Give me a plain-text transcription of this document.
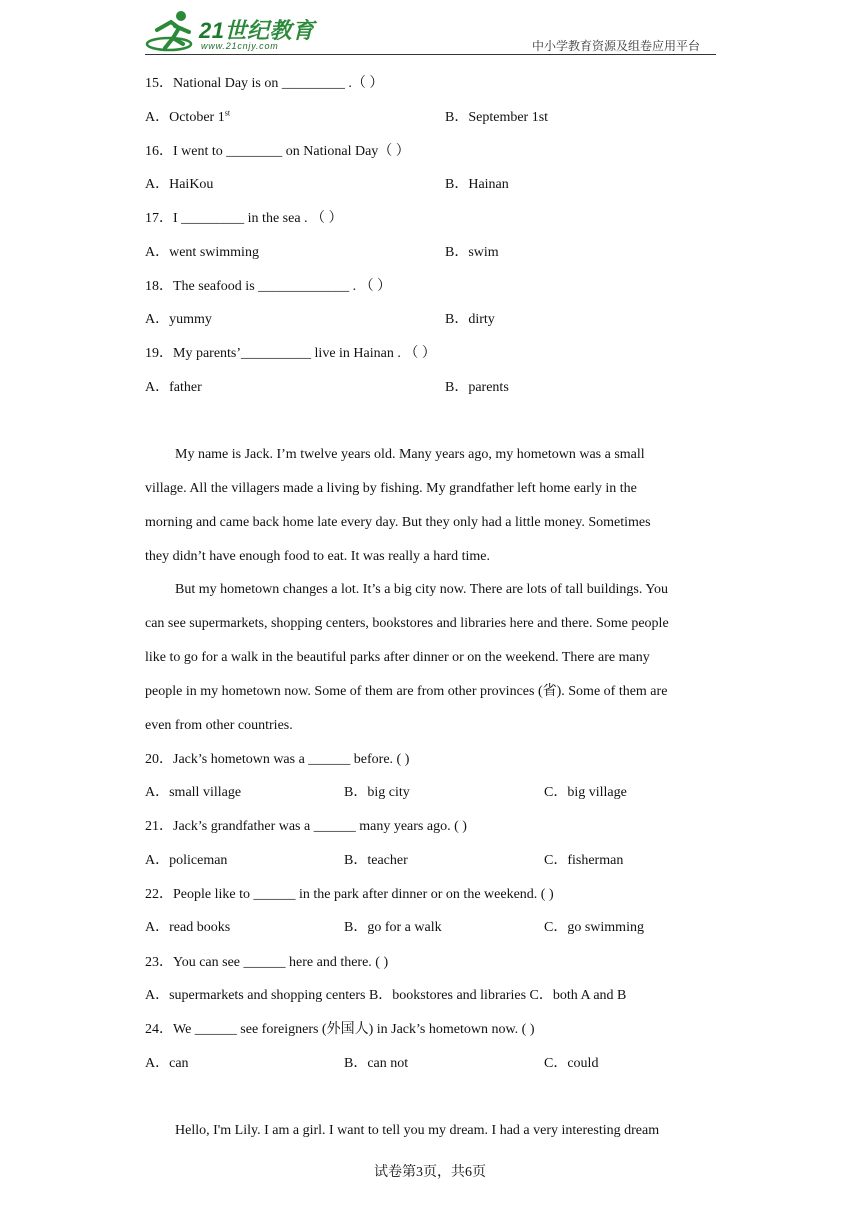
21世纪教育
www.21cnjy.com	中小学教育资源及组卷应用平台
15．National Day is on _________ .（ ）
A．October 1st	B．September 1st
16．I went to ________ on National Day（ ）
A．HaiKou	B．Hainan
17．I _________ in the sea . （ ）
A．went swimming	B．swim
18．The seafood is _____________ . （ ）
A．yummy	B．dirty
19．My parents’__________ live in Hainan . （ ）
A．father	B．parents
My name is Jack. I’m twelve years old. Many years ago, my hometown was a small
village. All the villagers made a living by fishing. My grandfather left home early in the
morning and came back home late every day. But they only had a little money. Sometimes
they didn’t have enough food to eat. It was really a hard time.
But my hometown changes a lot. It’s a big city now. There are lots of tall buildings. You
can see supermarkets, shopping centers, bookstores and libraries here and there. Some people
like to go for a walk in the beautiful parks after dinner or on the weekend. There are many
people in my hometown now. Some of them are from other provinces (省). Some of them are
even from other countries.
20．Jack’s hometown was a ______ before. ( )
A．small village	B．big city	C．big village
21．Jack’s grandfather was a ______ many years ago. ( )
A．policeman	B．teacher	C．fisherman
22．People like to ______ in the park after dinner or on the weekend. ( )
A．read books	B．go for a walk	C．go swimming
23．You can see ______ here and there. ( )
A．supermarkets and shopping centers B．bookstores and libraries C．both A and B
24．We ______ see foreigners (外国人) in Jack’s hometown now. ( )
A．can	B．can not	C．could
Hello, I'm Lily. I am a girl. I want to tell you my dream. I had a very interesting dream
试卷第3页，共6页
